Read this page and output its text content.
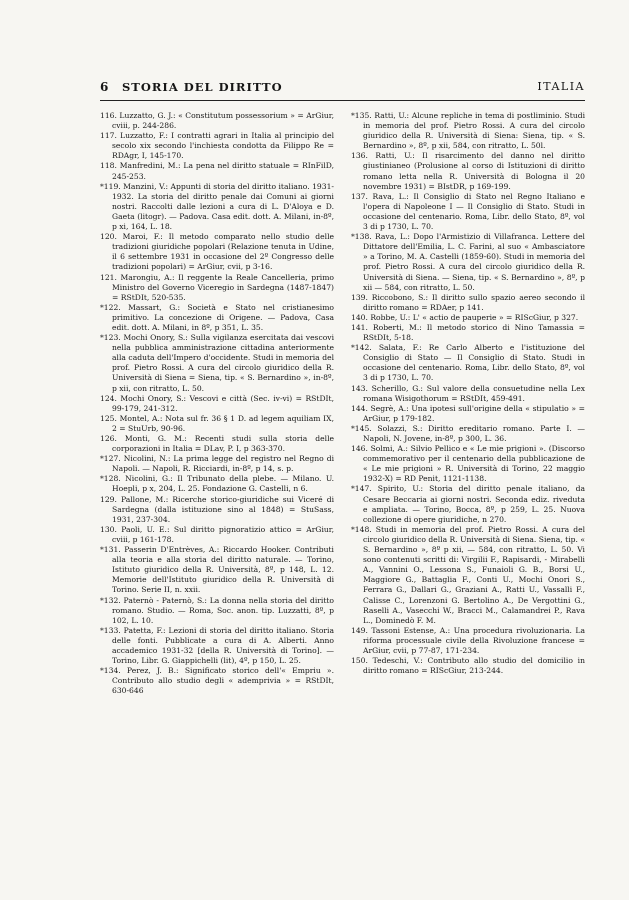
6 STORIA DEL DIRITTO	ITALIA

116. Luzzatto, G. J.: « Constitutum possessorium » = ArGiur, cviii, p. 244-286.

117. Luzzatto, F.: I contratti agrari in Italia al principio del secolo xix secondo l'inchiesta condotta da Filippo Re = RDAgr, I, 145-170.

118. Manfredini, M.: La pena nel diritto statuale = RInFilD, 245-253.

*119. Manzini, V.: Appunti di storia del diritto italiano. 1931-1932. La storia del diritto penale dai Comuni ai giorni nostri. Raccolti dalle lezioni a cura di L. D'Aloya e D. Gaeta (litogr). — Padova. Casa edit. dott. A. Milani, in-8º, p xi, 164, L. 18.

120. Maroi, F.: Il metodo comparato nello studio delle tradizioni giuridiche popolari (Relazione tenuta in Udine, il 6 settembre 1931 in occasione del 2º Congresso delle tradizioni popolari) = ArGiur, cvii, p 3-16.

121. Marongiu, A.: Il reggente la Reale Cancelleria, primo Ministro del Governo Viceregio in Sardegna (1487-1847) = RStDIt, 520-535.

*122. Massart, G.: Società e Stato nel cristianesimo primitivo. La concezione di Origene. — Padova, Casa edit. dott. A. Milani, in 8º, p 351, L. 35.

*123. Mochi Onory, S.: Sulla vigilanza esercitata dai vescovi nella pubblica amministrazione cittadina anteriormente alla caduta dell'Impero d'occidente. Studi in memoria del prof. Pietro Rossi. A cura del circolo giuridico della R. Università di Siena = Siena, tip. « S. Bernardino », in-8º, p xii, con ritratto, L. 50.

124. Mochi Onory, S.: Vescovi e città (Sec. iv-vi) = RStDIt, 99-179, 241-312.

125. Montel, A.: Nota sul fr. 36 § 1 D. ad legem aquiliam IX, 2 = StuUrb, 90-96.

126. Monti, G. M.: Recenti studi sulla storia delle corporazioni in Italia = DLav, P. I, p 363-370.

*127. Nicolini, N.: La prima legge del registro nel Regno di Napoli. — Napoli, R. Ricciardi, in-8º, p 14, s. p.

*128. Nicolini, G.: Il Tribunato della plebe. — Milano. U. Hoepli, p x, 204, L. 25. Fondazione G. Castelli, n 6.

129. Pallone, M.: Ricerche storico-giuridiche sui Viceré di Sardegna (dalla istituzione sino al 1848) = StuSass, 1931, 237-304.

130. Paoli, U. E.: Sul diritto pignoratizio attico = ArGiur, cviii, p 161-178.

*131. Passerin D'Entrèves, A.: Riccardo Hooker. Contributi alla teoria e alla storia del diritto naturale. — Torino, Istituto giuridico della R. Università, 8º, p 148, L. 12. Memorie dell'Istituto giuridico della R. Università di Torino. Serie II, n. xxii.

*132. Paternò - Paternò, S.: La donna nella storia del diritto romano. Studio. — Roma, Soc. anon. tip. Luzzatti, 8º, p 102, L. 10.

*133. Patetta, F.: Lezioni di storia del diritto italiano. Storia delle fonti. Pubblicate a cura di A. Alberti. Anno accademico 1931-32 [della R. Università di Torino]. — Torino, Libr. G. Giappichelli (lit), 4º, p 150, L. 25.

*134. Perez, J. B.: Significato storico dell'« Empriu ». Contributo allo studio degli « ademprivia » = RStDIt, 630-646

*135. Ratti, U.: Alcune repliche in tema di postliminio. Studi in memoria del prof. Pietro Rossi. A cura del circolo giuridico della R. Università di Siena: Siena, tip. « S. Bernardino », 8º, p xii, 584, con ritratto, L. 50l.

136. Ratti, U.: Il risarcimento del danno nel diritto giustinianeo (Prolusione al corso di Istituzioni di diritto romano letta nella R. Università di Bologna il 20 novembre 1931) = BIstDR, p 169-199.

137. Rava, L.: Il Consiglio di Stato nel Regno Italiano e l'opera di Napoleone I — Il Consiglio di Stato. Studi in occasione del centenario. Roma, Libr. dello Stato, 8º, vol 3 di p 1730, L. 70.

*138. Rava, L.: Dopo l'Armistizio di Villafranca. Lettere del Dittatore dell'Emilia, L. C. Farini, al suo « Ambasciatore » a Torino, M. A. Castelli (1859-60). Studi in memoria del prof. Pietro Rossi. A cura del circolo giuridico della R. Università di Siena. — Siena, tip. « S. Bernardino », 8º, p xii — 584, con ritratto, L. 50.

139. Riccobono, S.: Il diritto sullo spazio aereo secondo il diritto romano = RDAer, p 141.

140. Robbe, U.: L' « actio de pauperie » = RIScGiur, p 327.

141. Roberti, M.: Il metodo storico di Nino Tamassia = RStDIt, 5-18.

*142. Salata, F.: Re Carlo Alberto e l'istituzione del Consiglio di Stato — Il Consiglio di Stato. Studi in occasione del centenario. Roma, Libr. dello Stato, 8º, vol 3 di p 1730, L. 70.

143. Scherillo, G.: Sul valore della consuetudine nella Lex romana Wisigothorum = RStDIt, 459-491.

144. Segrè, A.: Una ipotesi sull'origine della « stipulatio » = ArGiur, p 179-182.

*145. Solazzi, S.: Diritto ereditario romano. Parte I. — Napoli, N. Jovene, in-8º, p 300, L. 36.

146. Solmi, A.: Silvio Pellico e « Le mie prigioni ». (Discorso commemorativo per il centenario della pubblicazione de « Le mie prigioni » R. Università di Torino, 22 maggio 1932-X) = RD Penit, 1121-1138.

*147. Spirito, U.: Storia del diritto penale italiano, da Cesare Beccaria ai giorni nostri. Seconda ediz. riveduta e ampliata. — Torino, Bocca, 8º, p 259, L. 25. Nuova collezione di opere giuridiche, n 270.

*148. Studi in memoria del prof. Pietro Rossi. A cura del circolo giuridico della R. Università di Siena. Siena, tip. « S. Bernardino », 8º p xii, — 584, con ritratto, L. 50. Vi sono contenuti scritti di: Virgilii F., Rapisardi, - Mirabelli A., Vannini O., Lessona S., Funaioli G. B., Borsi U., Maggiore G., Battaglia F., Conti U., Mochi Onori S., Ferrara G., Dallari G., Graziani A., Ratti U., Vassalli F., Calisse C., Lorenzoni G. Bertolino A., De Vergottini G., Raselli A., Vasecchi W., Bracci M., Calamandrei P., Rava L., Dominedò F. M.

149. Tassoni Estense, A.: Una procedura rivoluzionaria. La riforma processuale civile della Rivoluzione francese = ArGiur, cvii, p 77-87, 171-234.

150. Tedeschi, V.: Contributo allo studio del domicilio in diritto romano = RIScGiur, 213-244.
